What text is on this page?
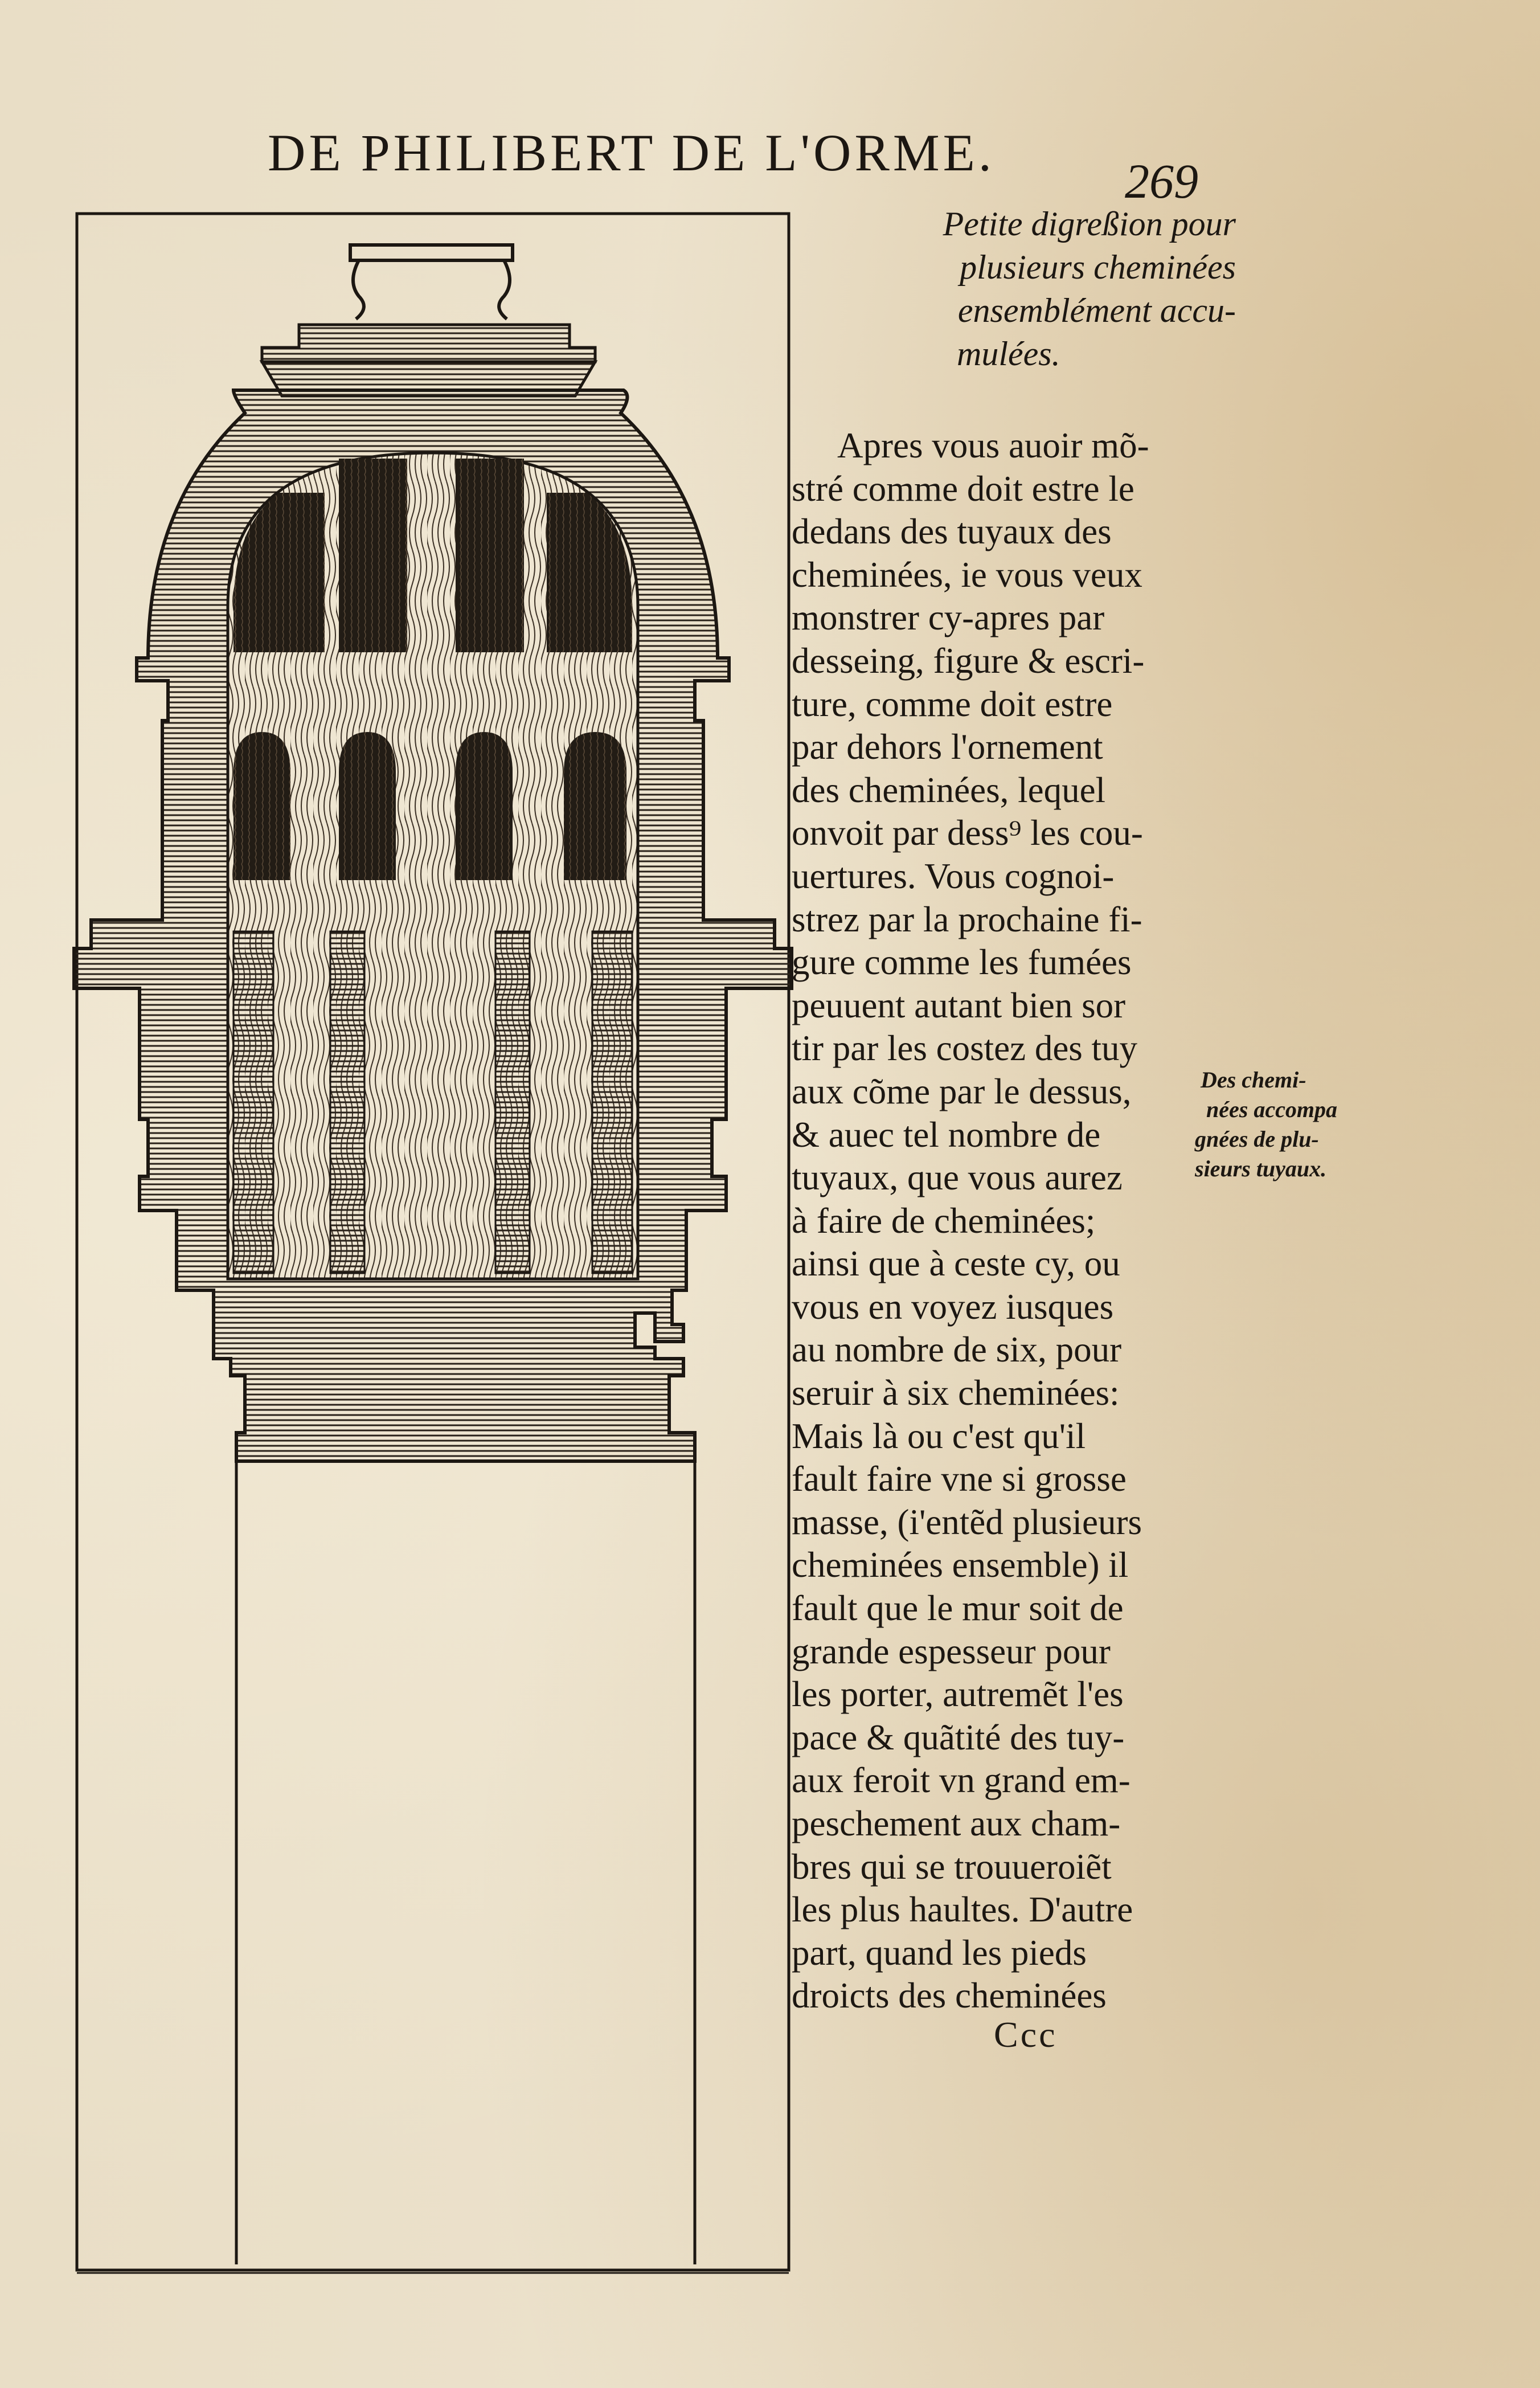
DE PHILIBERT DE L'ORME.	269
Petite digreßion pour
plusieurs cheminées
ensemblément accu-
mulées.
Apres vous auoir mõ-
stré comme doit estre le
dedans des tuyaux des
cheminées, ie vous veux
monstrer cy-apres par
desseing, figure & escri-
ture, comme doit estre
par dehors l'ornement
des cheminées, lequel
onvoit par dess⁹ les cou-
uertures. Vous cognoi-
strez par la prochaine fi-
gure comme les fumées
peuuent autant bien sor
tir par les costez des tuy
aux cõme par le dessus,
& auec tel nombre de
tuyaux, que vous aurez
à faire de cheminées;
ainsi que à ceste cy, ou
vous en voyez iusques
au nombre de six, pour
seruir à six cheminées:
Mais là ou c'est qu'il
fault faire vne si grosse
masse, (i'entẽd plusieurs
cheminées ensemble) il
fault que le mur soit de
grande espesseur pour
les porter, autremẽt l'es
pace & quãtité des tuy-
aux feroit vn grand em-
peschement aux cham-
bres qui se trouueroiẽt
les plus haultes. D'autre
part, quand les pieds
droicts des cheminées
Des chemi-
nées accompa
gnées de plu-
sieurs tuyaux.
Ccc
